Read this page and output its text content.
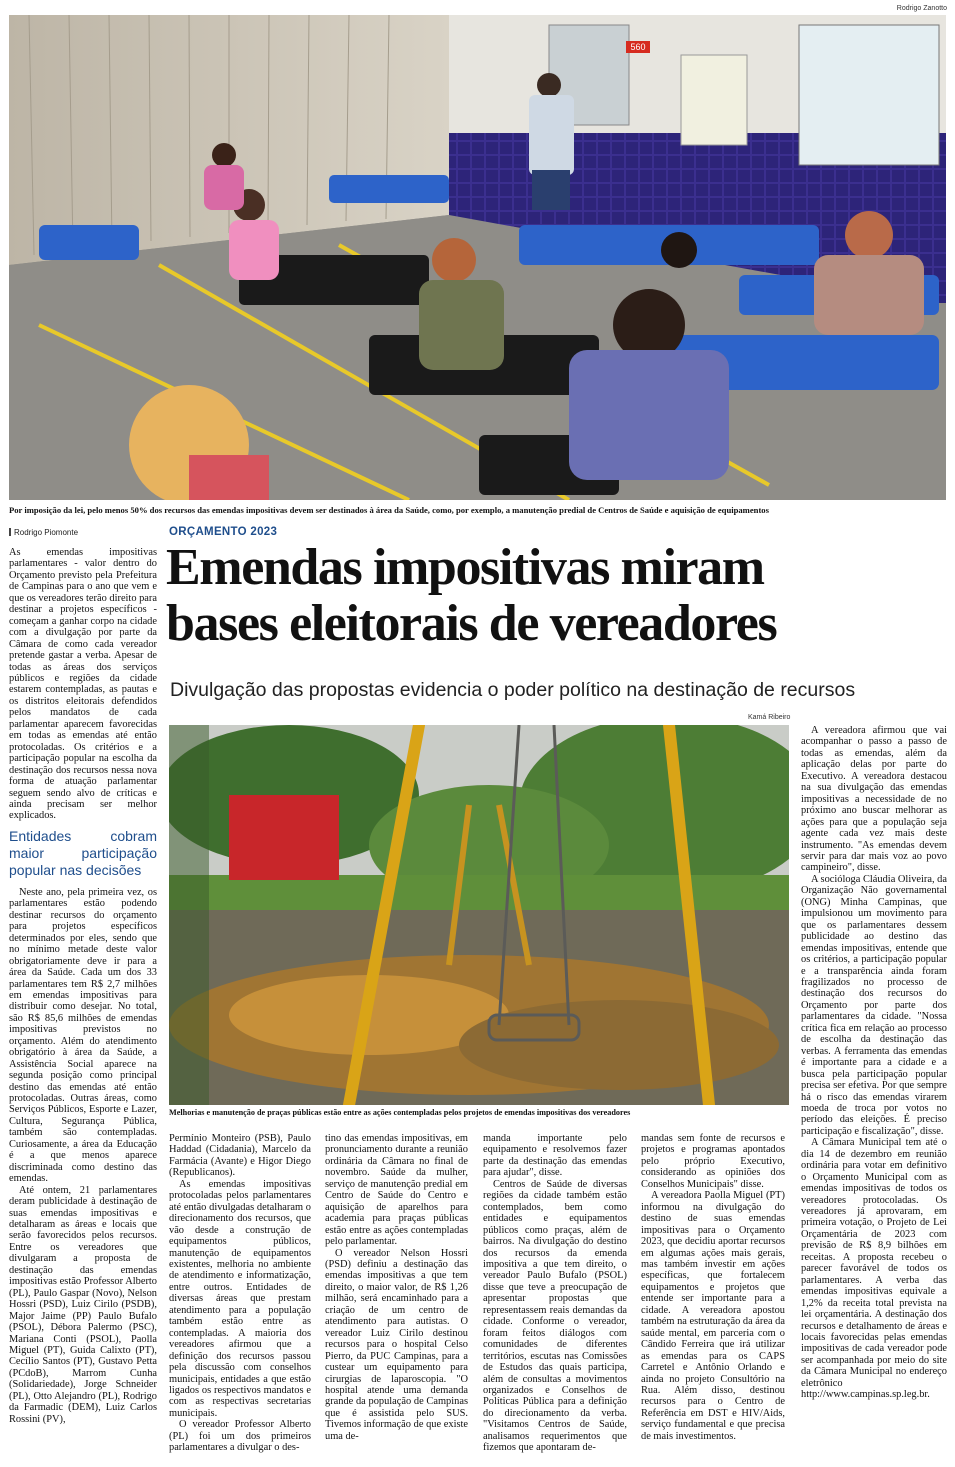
Rodrigo Zanotto
560
Por imposição da lei, pelo menos 50% dos recursos das emendas impositivas devem ser destinados à área da Saúde, como, por exemplo, a manutenção predial de Centros de Saúde e aquisição de equipamentos
Rodrigo Piomonte	ORÇAMENTO 2023
Emendas impositivas miram
bases eleitorais de vereadores
Divulgação das propostas evidencia o poder político na destinação de recursos
Kamá Ribeiro
Melhorias e manutenção de praças públicas estão entre as ações contempladas pelos projetos de emendas impositivas dos vereadores

As emendas impositivas parlamentares - valor dentro do Orçamento previsto pela Prefeitura de Campinas para o ano que vem e que os vereadores terão direito para destinar a projetos específicos - começam a ganhar corpo na cidade com a divulgação por parte da Câmara de como cada vereador pretende gastar a verba. Apesar de todas as áreas dos serviços públicos e regiões da cidade estarem contempladas, as pautas e os distritos eleitorais defendidos pelos mandatos de cada parlamentar aparecem favorecidas em todas as emendas até então protocoladas. Os critérios e a participação popular na escolha da destinação dos recursos nessa nova forma de atuação parlamentar seguem sendo alvo de críticas e ainda precisam ser melhor explicados.

Entidades cobram maior participação popular nas decisões

Neste ano, pela primeira vez, os parlamentares estão podendo destinar recursos do orçamento para projetos específicos determinados por eles, sendo que no mínimo metade deste valor obrigatoriamente deve ir para a área da Saúde. Cada um dos 33 parlamentares tem R$ 2,7 milhões em emendas impositivas para distribuir como desejar. No total, são R$ 85,6 milhões de emendas impositivas previstos no orçamento. Além do atendimento obrigatório à área da Saúde, a Assistência Social aparece na segunda posição como principal destino das emendas até então protocoladas. Outras áreas, como Serviços Públicos, Esporte e Lazer, Cultura, Segurança Pública, também são contempladas. Curiosamente, a área da Educação é a que menos aparece discriminada como destino das emendas.

Até ontem, 21 parlamentares deram publicidade à destinação de suas emendas impositivas e detalharam as áreas e locais que serão favorecidos pelos recursos. Entre os vereadores que divulgaram a proposta de destinação das emendas impositivas estão Professor Alberto (PL), Paulo Gaspar (Novo), Nelson Hossri (PSD), Luiz Cirilo (PSDB), Major Jaime (PP) Paulo Bufalo (PSOL), Débora Palermo (PSC), Mariana Conti (PSOL), Paolla Miguel (PT), Guida Calixto (PT), Cecílio Santos (PT), Gustavo Petta (PCdoB), Marrom Cunha (Solidariedade), Jorge Schneider (PL), Otto Alejandro (PL), Rodrigo da Farmadic (DEM), Luiz Carlos Rossini (PV),

Permínio Monteiro (PSB), Paulo Haddad (Cidadania), Marcelo da Farmácia (Avante) e Higor Diego (Republicanos).

As emendas impositivas protocoladas pelos parlamentares até então divulgadas detalharam o direcionamento dos recursos, que vão desde a construção de equipamentos públicos, manutenção de equipamentos existentes, melhoria no ambiente de atendimento e informatização, entre outros. Entidades de diversas áreas que prestam atendimento para a população também estão entre as contempladas. A maioria dos vereadores afirmou que a definição dos recursos passou pela discussão com conselhos municipais, entidades a que estão ligados os respectivos mandatos e com as respectivas secretarias municipais.

O vereador Professor Alberto (PL) foi um dos primeiros parlamentares a divulgar o des-

tino das emendas impositivas, em pronunciamento durante a reunião ordinária da Câmara no final de novembro. Saúde da mulher, serviço de manutenção predial em Centro de Saúde do Centro e aquisição de aparelhos para academia para praças públicas estão entre as ações contempladas pelo parlamentar.

O vereador Nelson Hossri (PSD) definiu a destinação das emendas impositivas a que tem direito, o maior valor, de R$ 1,26 milhão, será encaminhado para a criação de um centro de atendimento para autistas. O vereador Luiz Cirilo destinou recursos para o hospital Celso Pierro, da PUC Campinas, para a custear um equipamento para cirurgias de laparoscopia. "O hospital atende uma demanda grande da população de Campinas que é assistida pelo SUS. Tivemos informação de que existe uma de-

manda importante pelo equipamento e resolvemos fazer parte da destinação das emendas para ajudar", disse.

Centros de Saúde de diversas regiões da cidade também estão contemplados, bem como entidades e equipamentos públicos como praças, além de bairros. Na divulgação do destino dos recursos da emenda impositiva a que tem direito, o vereador Paulo Bufalo (PSOL) disse que teve a preocupação de apresentar propostas que representassem reais demandas da cidade. Conforme o vereador, foram feitos diálogos com comunidades de diferentes territórios, escutas nas Comissões de Estudos das quais participa, além de consultas a movimentos organizados e Conselhos de Políticas Pública para a definição do direcionamento da verba. "Visitamos Centros de Saúde, analisamos requerimentos que fizemos que apontaram de-

mandas sem fonte de recursos e projetos e programas apontados pelo próprio Executivo, considerando as opiniões dos Conselhos Municipais" disse.

A vereadora Paolla Miguel (PT) informou na divulgação do destino de suas emendas impositivas para o Orçamento 2023, que decidiu aportar recursos em algumas ações mais gerais, mas também investir em ações específicas, que fortalecem equipamentos e projetos que entende ser importante para a cidade. A vereadora apostou também na estruturação da área da saúde mental, em parceria com o Cândido Ferreira que irá utilizar as emendas para os CAPS Carretel e Antônio Orlando e ainda no projeto Consultório na Rua. Além disso, destinou recursos para o Centro de Referência em DST e HIV/Aids, serviço fundamental e que precisa de mais investimentos.

A vereadora afirmou que vai acompanhar o passo a passo de todas as emendas, além da aplicação delas por parte do Executivo. A vereadora destacou na sua divulgação das emendas impositivas a necessidade de no próximo ano buscar melhorar as ações para que a população seja agente cada vez mais deste instrumento. "As emendas devem servir para dar mais voz ao povo campineiro", disse.

A socióloga Cláudia Oliveira, da Organização Não governamental (ONG) Minha Campinas, que impulsionou um movimento para que os parlamentares dessem publicidade ao destino das emendas impositivas, entende que os critérios, a participação popular e a transparência ainda foram fragilizados no processo de destinação dos recursos do Orçamento por parte dos parlamentares da cidade. "Nossa crítica fica em relação ao processo de escolha da destinação das verbas. A ferramenta das emendas é importante para a cidade e a busca pela participação popular precisa ser efetiva. Por que sempre há o risco das emendas virarem moeda de troca por votos no período das eleições. É preciso participação e fiscalização", disse.

A Câmara Municipal tem até o dia 14 de dezembro em reunião ordinária para votar em definitivo o Orçamento Municipal com as emendas impositivas de todos os vereadores protocoladas. Os vereadores já aprovaram, em primeira votação, o Projeto de Lei Orçamentária de 2023 com previsão de R$ 8,9 bilhões em receitas. A proposta recebeu o parecer favorável de todos os parlamentares. A verba das emendas impositivas equivale a 1,2% da receita total prevista na lei orçamentária. A destinação dos recursos e detalhamento de áreas e locais favorecidas pelas emendas impositivas de cada vereador pode ser acompanhada por meio do site da Câmara Municipal no endereço eletrônico http://www.campinas.sp.leg.br.
